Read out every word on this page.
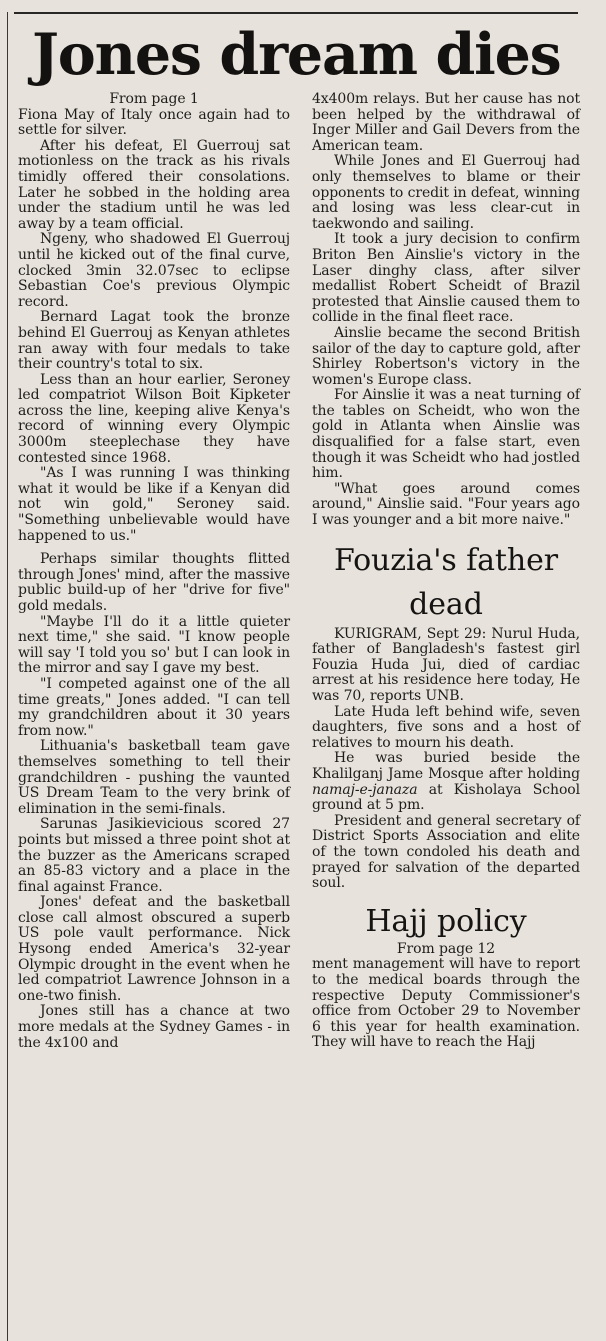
Jones dream dies

From page 1

Fiona May of Italy once again had to settle for silver.

After his defeat, El Guerrouj sat motionless on the track as his rivals timidly offered their consolations. Later he sobbed in the holding area under the stadium until he was led away by a team official.

Ngeny, who shadowed El Guerrouj until he kicked out of the final curve, clocked 3min 32.07sec to eclipse Sebastian Coe's previous Olympic record.

Bernard Lagat took the bronze behind El Guerrouj as Kenyan athletes ran away with four medals to take their country's total to six.

Less than an hour earlier, Seroney led compatriot Wilson Boit Kipketer across the line, keeping alive Kenya's record of winning every Olympic 3000m steeplechase they have contested since 1968.

"As I was running I was thinking what it would be like if a Kenyan did not win gold," Seroney said. "Something unbelievable would have happened to us."

Perhaps similar thoughts flitted through Jones' mind, after the massive public build-up of her "drive for five" gold medals.

"Maybe I'll do it a little quieter next time," she said. "I know people will say 'I told you so' but I can look in the mirror and say I gave my best.

"I competed against one of the all time greats," Jones added. "I can tell my grandchildren about it 30 years from now."

Lithuania's basketball team gave themselves something to tell their grandchildren - pushing the vaunted US Dream Team to the very brink of elimination in the semi-finals.

Sarunas Jasikievicious scored 27 points but missed a three point shot at the buzzer as the Americans scraped an 85-83 victory and a place in the final against France.

Jones' defeat and the basketball close call almost obscured a superb US pole vault performance. Nick Hysong ended America's 32-year Olympic drought in the event when he led compatriot Lawrence Johnson in a one-two finish.

Jones still has a chance at two more medals at the Sydney Games - in the 4x100 and

4x400m relays. But her cause has not been helped by the withdrawal of Inger Miller and Gail Devers from the American team.

While Jones and El Guerrouj had only themselves to blame or their opponents to credit in defeat, winning and losing was less clear-cut in taekwondo and sailing.

It took a jury decision to confirm Briton Ben Ainslie's victory in the Laser dinghy class, after silver medallist Robert Scheidt of Brazil protested that Ainslie caused them to collide in the final fleet race.

Ainslie became the second British sailor of the day to capture gold, after Shirley Robertson's victory in the women's Europe class.

For Ainslie it was a neat turning of the tables on Scheidt, who won the gold in Atlanta when Ainslie was disqualified for a false start, even though it was Scheidt who had jostled him.

"What goes around comes around," Ainslie said. "Four years ago I was younger and a bit more naive."

Fouzia's father dead

KURIGRAM, Sept 29: Nurul Huda, father of Bangladesh's fastest girl Fouzia Huda Jui, died of cardiac arrest at his residence here today, He was 70, reports UNB.

Late Huda left behind wife, seven daughters, five sons and a host of relatives to mourn his death.

He was buried beside the Khalilganj Jame Mosque after holding namaj-e-janaza at Kisholaya School ground at 5 pm.

President and general secretary of District Sports Association and elite of the town condoled his death and prayed for salvation of the departed soul.

Hajj policy

From page 12

ment management will have to report to the medical boards through the respective Deputy Commissioner's office from October 29 to November 6 this year for health examination. They will have to reach the Hajj
